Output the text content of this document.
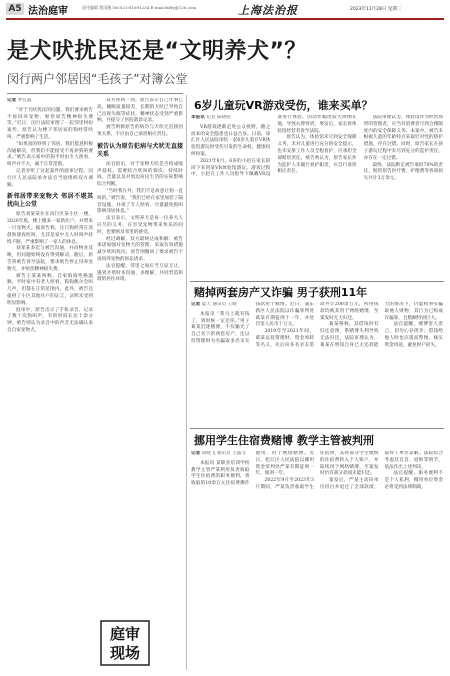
A5 法治庭审	责任编辑 程雨薇 Tel:021-61691234 E-mail:fzbfy@126.com	上海法治报	2023年11月28日 星期二
是犬吠扰民还是“文明养犬”？
闵行两户邻居因“毛孩子”对簿公堂

记者 季佳露

“对于犬吠扰民的问题，我们要求被告不再饲养宠物，赔偿原告精神损失费等。”近日，闵行法院审理了一起邻里纠纷案件，原告认为楼下邻居家的狗经常吠叫，严重影响了生活。

“如果真的吵到了邻居，我们愿意积极沟通解决，但我们不能接受不再养狗的要求。”被告表示家中的狗平时由专人照看，叫声并不大，属于正常范围。

记者旁听了这起案件的庭审过程。闵行区人民法院承办法官当庭组织双方调解。

新邻居带来宠物犬 邻居不堪其扰向上公堂

原告刘某某住在闵行区某小区一楼，2020年底，楼上搬来一家新住户，并带来一只宠物犬。据原告称，这只狗经常在清晨和深夜吠叫，尤其是家中无人时叫声持续不断，严重影响了一家人的休息。

刘某某多次与被告沟通，并向物业反映，但问题始终没有得到解决。随后，原告将被告诉至法院，要求被告停止饲养宠物犬，并赔偿精神损失费。

被告王某某辩称，自家狗狗性格温顺，平时家中有老人照看，狗狗偶尔会叫几声，但都在正常范围内。此外，被告还提供了小区其他住户的证言，证明未受到明显影响。

庭审中，原告出示了手机录音，记录了数十次狗叫声，有的时间长达十余分钟。被告则认为录音中的声音无法确认来自自家宠物犬。

双方各执一词。原告表示自己年事已高，睡眠质量较差，长期的犬吠已导致自己出现失眠等症状，精神状态受到严重影响，并提交了医院就诊记录。

被告则称原告的病历与犬吠无直接因果关系，不应由自己承担相应责任。

被告认为原告犯病与犬吠无直接关系

法官指出，对于宠物犬吠是否构成噪声侵权，需要结合吠叫的频次、持续时间、音量以及对周边居民生活的实际影响综合判断。

“当时我在外，我们不是故意让狗一直叫的。”被告说，“我们已经在家里加装了隔音设施，并请了专人照看，尽量避免狗叫影响邻居休息。”

法官表示，文明养犬是每一位养犬人应尽的义务，在享受宠物带来快乐的同时，也要顾及邻里的感受。

经过调解，双方最终达成和解：被告承诺加强对宠物犬的管理，采取有效措施减少吠叫扰民；原告则撤回了要求被告不再饲养宠物的诉讼请求。

法官提醒，邻里之间应当互谅互让，遇到矛盾时多沟通、多理解，共同营造和谐的居住环境。

庭审
现场
6岁儿童玩VR游戏受伤，谁来买单？

本报讯 记者 陈晓萌

VR游戏逐渐走进公众视野，随之而来的安全隐患也日益凸显。日前，徐汇区人民法院审结一起6岁儿童在VR体验馆游玩时受伤引发的生命权、健康权纠纷案。

2021年8月，6岁的小赵在家长陪同下来到某VR体验馆游玩。游戏过程中，小赵在工作人员指导下佩戴VR设备进行体验，因动作幅度较大摔倒在地，导致右臂骨折。事发后，家长将体验馆经营者诉至法院。

原告认为，体验馆未尽到安全保障义务，未对儿童进行充分的安全提示，也未安排工作人员全程看护，应承担全部赔偿责任。被告则认为，原告家长作为监护人未履行看护职责，应自行承担相应责任。

法院审理认为，体验馆作为经营场所的管理者，应当对消费者尽到合理限度内的安全保障义务。本案中，被告未根据儿童的年龄特点采取针对性的防护措施，存在过错。同时，原告家长在孩子游玩过程中未尽到充分的监护责任，亦存在一定过错。

最终，法院酌定被告承担70%的责任，赔偿原告医疗费、护理费等各项损失共计3万余元。

赌掉两套房产又诈骗 男子获刑11年

记者 夏天 通讯员 王晴

本报讯 “我马上就有钱了，到时候一定还你。”男子葛某沉迷赌博，不仅输光了自己名下的两套房产，还以投资理财为名骗取多名亲友钱款用于赌博。近日，浦东新区人民法院以诈骗罪判处葛某有期徒刑十一年，并处罚金人民币十万元。

2019年至2021年间，葛某以投资理财、资金周转等名义，先后向多名亲友借款共计200余万元，所得钱款均被其用于网络赌博，至案发时无力归还。

葛某辩称，其借钱时有归还意图，系赌博失利导致无法归还。法院审理认为，葛某在明知自身已无还款能力的情况下，仍虚构事实骗取他人财物，其行为已构成诈骗罪，且数额特别巨大。

法官提醒，赌博害人害己，切勿心存侥幸；借钱给他人时也应提高警惕，核实资金用途，避免财产损失。

挪用学生住宿费赌博 教学主管被判刑

记者 胡晓飞 通讯员 王露文

本报讯 某职业培训学校教学主管严某利用负责收取学生住宿费的职务便利，将收取的10余万元住宿费挪作他用，用于网络赌博。近日，松江区人民法院以挪用资金罪判处严某有期徒刑一年，缓刑一年。

2022年9月至2023年3月期间，严某负责收取学生住宿费，其将部分学生缴纳的住宿费转入个人账户，并陆续用于网络赌博，至案发时仍有部分款项未能归还。

案发后，严某主动向单位坦白并退还了全部款项，取得了单位谅解。法院综合考虑其自首、退赃等情节，依法作出上述判决。

法官提醒，职务便利不是个人私利，挪用单位资金必将受到法律制裁。
